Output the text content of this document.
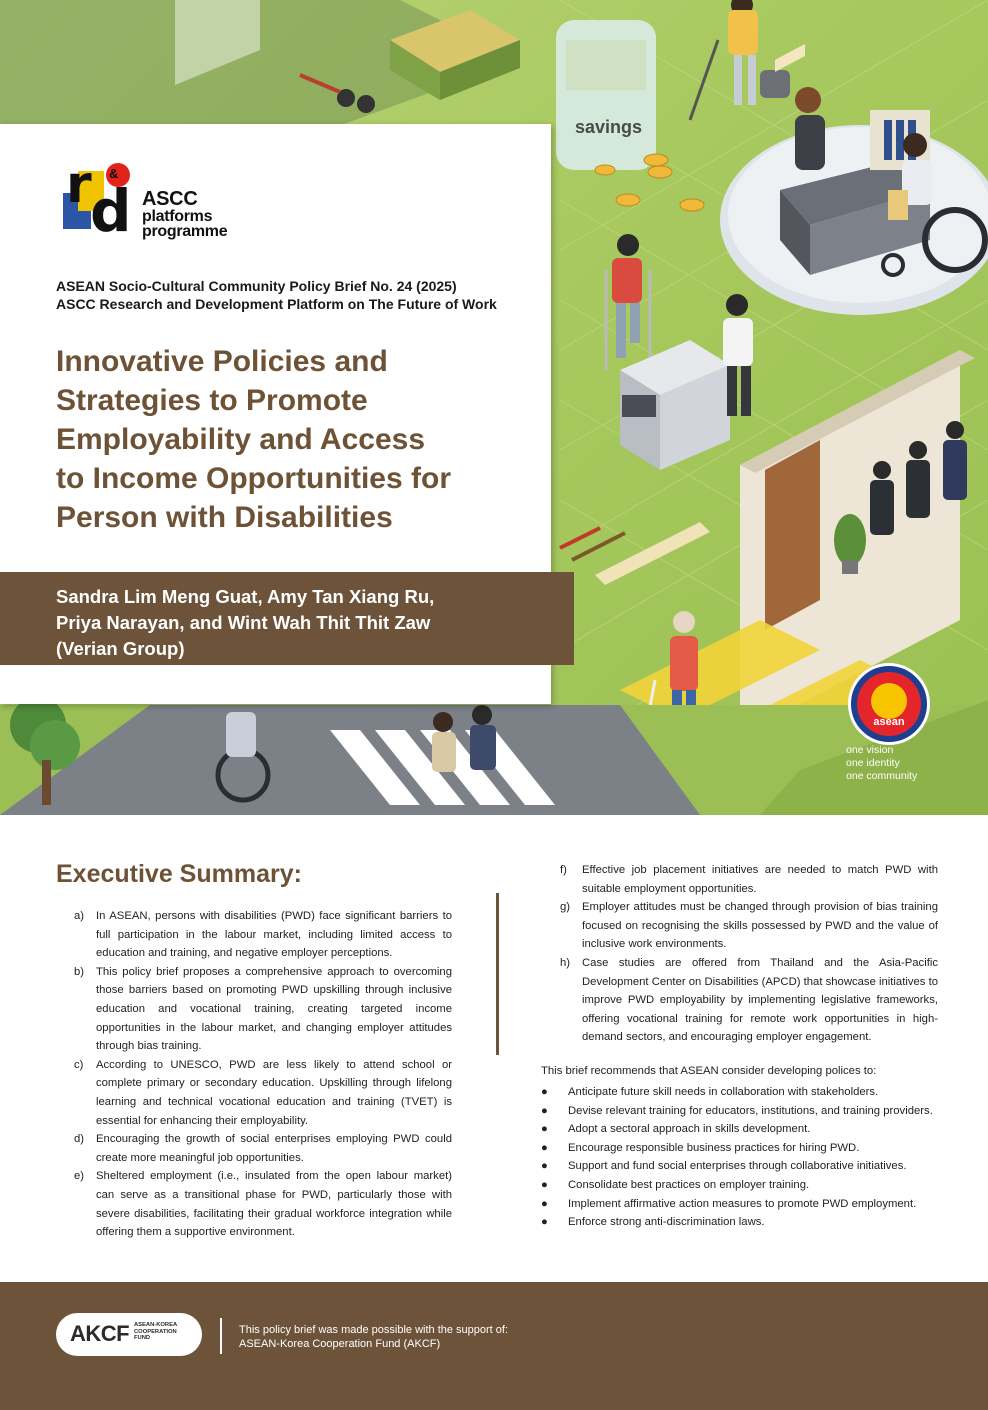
savings
r
d
&
ASCC
platforms
programme
ASEAN Socio-Cultural Community Policy Brief No. 24 (2025)
ASCC Research and Development Platform on The Future of Work
Innovative Policies and
Strategies to Promote
Employability and Access
to Income Opportunities for
Person with Disabilities
Sandra Lim Meng Guat, Amy Tan Xiang Ru,
Priya Narayan, and Wint Wah Thit Thit Zaw
(Verian Group)
asean
one vision
one identity
one community
Executive Summary:
a) In ASEAN, persons with disabilities (PWD) face significant barriers to full participation in the labour market, including limited access to education and training, and negative employer perceptions.
b) This policy brief proposes a comprehensive approach to overcoming those barriers based on promoting PWD upskilling through inclusive education and vocational training, creating targeted income opportunities in the labour market, and changing employer attitudes through bias training.
c) According to UNESCO, PWD are less likely to attend school or complete primary or secondary education. Upskilling through lifelong learning and technical vocational education and training (TVET) is essential for enhancing their employability.
d) Encouraging the growth of social enterprises employing PWD could create more meaningful job opportunities.
e) Sheltered employment (i.e., insulated from the open labour market) can serve as a transitional phase for PWD, particularly those with severe disabilities, facilitating their gradual workforce integration while offering them a supportive environment.
f) Effective job placement initiatives are needed to match PWD with suitable employment opportunities.
g) Employer attitudes must be changed through provision of bias training focused on recognising the skills possessed by PWD and the value of inclusive work environments.
h) Case studies are offered from Thailand and the Asia-Pacific Development Center on Disabilities (APCD) that showcase initiatives to improve PWD employability by implementing legislative frameworks, offering vocational training for remote work opportunities in high-demand sectors, and encouraging employer engagement.
This brief recommends that ASEAN consider developing polices to:
● Anticipate future skill needs in collaboration with stakeholders.
● Devise relevant training for educators, institutions, and training providers.
● Adopt a sectoral approach in skills development.
● Encourage responsible business practices for hiring PWD.
● Support and fund social enterprises through collaborative initiatives.
● Consolidate best practices on employer training.
● Implement affirmative action measures to promote PWD employment.
● Enforce strong anti-discrimination laws.
AKCF ASEAN-KOREA
COOPERATION
FUND
This policy brief was made possible with the support of:
ASEAN-Korea Cooperation Fund (AKCF)
